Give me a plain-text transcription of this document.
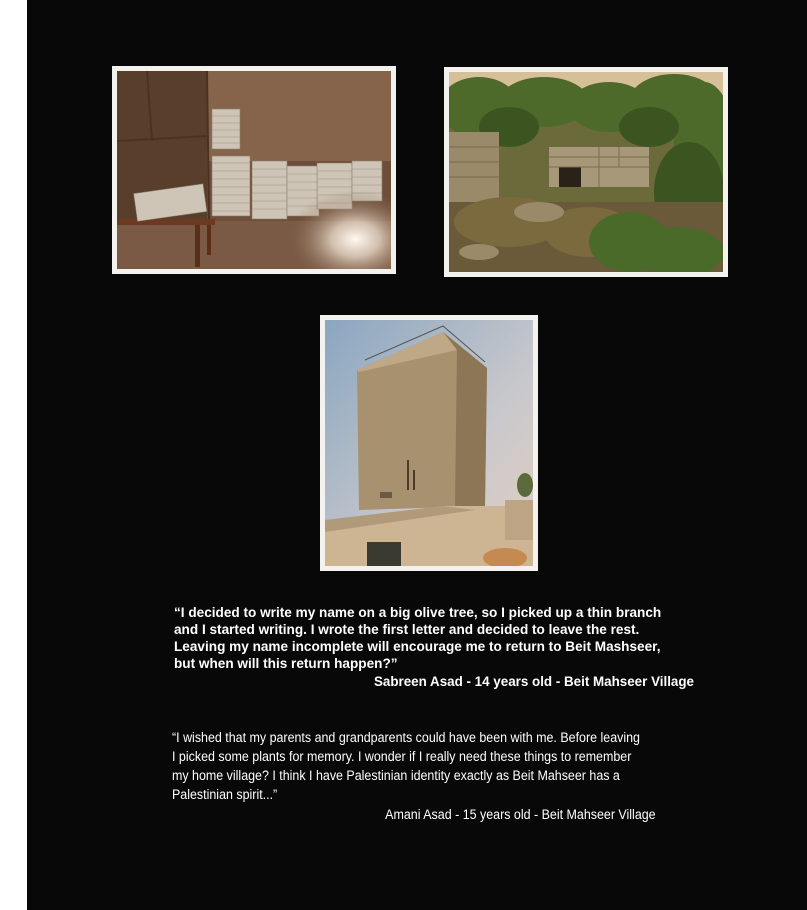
“I decided to write my name on a big olive tree, so I picked up a thin branch
and I started writing. I wrote the first letter and decided to leave the rest.
Leaving my name incomplete will encourage me to return to Beit Mashseer,
but when will this return happen?”
Sabreen Asad - 14 years old - Beit Mahseer Village
“I wished that my parents and grandparents could have been with me. Before leaving
I picked some plants for memory. I wonder if I really need these things to remember
my home village? I think I have Palestinian identity exactly as Beit Mahseer has a
Palestinian spirit...”
Amani Asad - 15 years old - Beit Mahseer Village
